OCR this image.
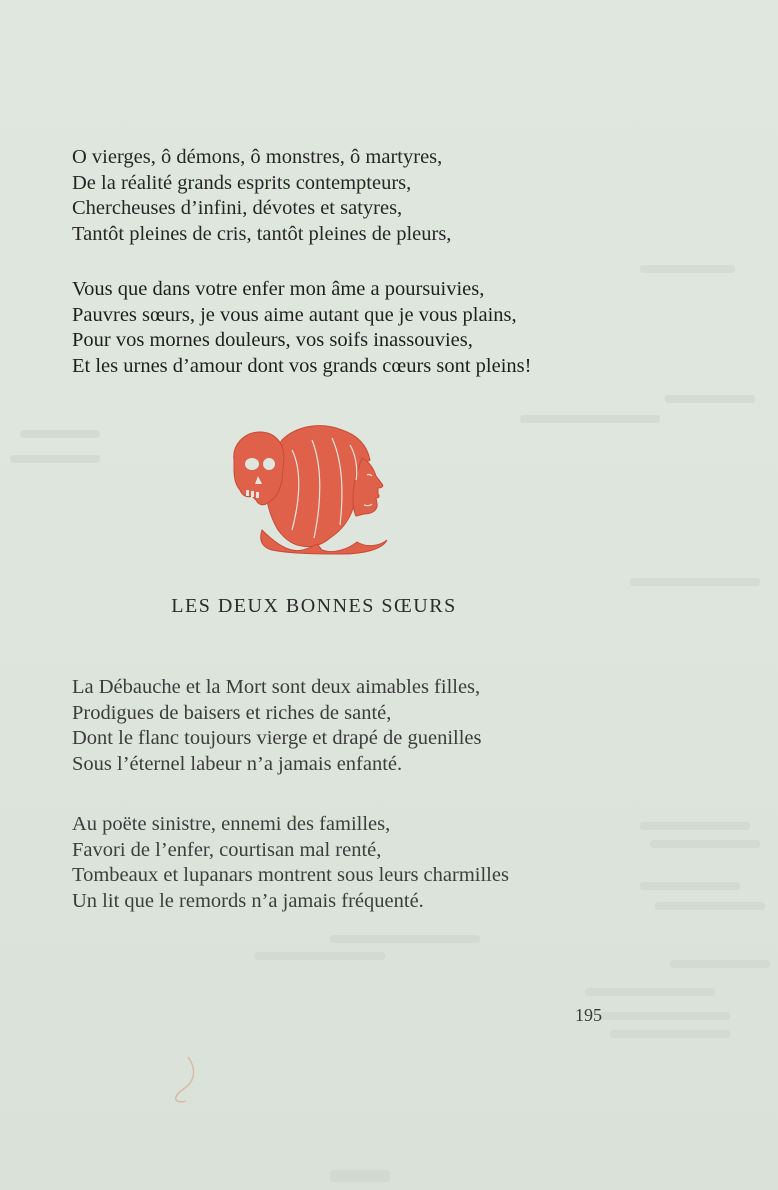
O vierges, ô démons, ô monstres, ô martyres,
De la réalité grands esprits contempteurs,
Chercheuses d’infini, dévotes et satyres,
Tantôt pleines de cris, tantôt pleines de pleurs,
Vous que dans votre enfer mon âme a poursuivies,
Pauvres sœurs, je vous aime autant que je vous plains,
Pour vos mornes douleurs, vos soifs inassouvies,
Et les urnes d’amour dont vos grands cœurs sont pleins!
LES DEUX BONNES SŒURS
La Débauche et la Mort sont deux aimables filles,
Prodigues de baisers et riches de santé,
Dont le flanc toujours vierge et drapé de guenilles
Sous l’éternel labeur n’a jamais enfanté.
Au poëte sinistre, ennemi des familles,
Favori de l’enfer, courtisan mal renté,
Tombeaux et lupanars montrent sous leurs charmilles
Un lit que le remords n’a jamais fréquenté.
195
